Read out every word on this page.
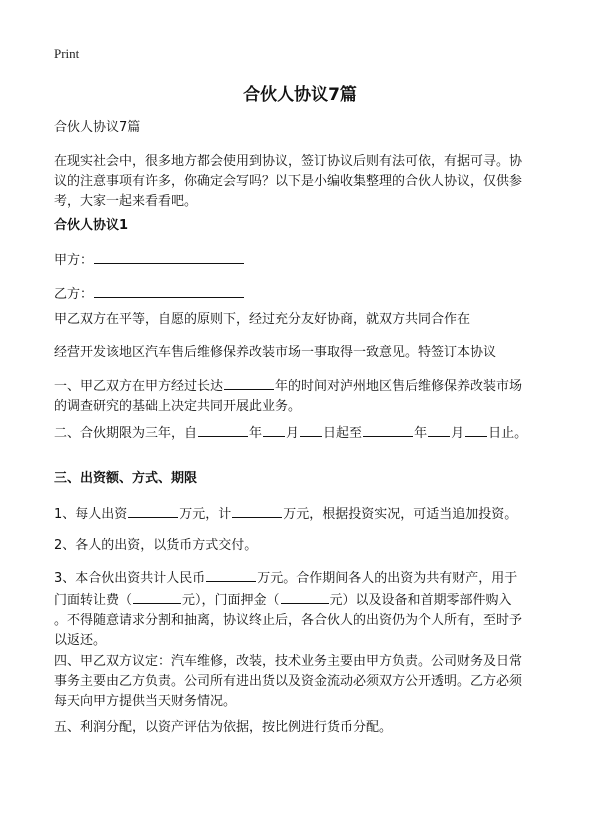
Print
合伙人协议7篇
合伙人协议7篇
在现实社会中，很多地方都会使用到协议，签订协议后则有法可依，有据可寻。协
议的注意事项有许多，你确定会写吗？以下是小编收集整理的合伙人协议，仅供参
考，大家一起来看看吧。
合伙人协议1
甲方：
乙方：
甲乙双方在平等，自愿的原则下，经过充分友好协商，就双方共同合作在
经营开发该地区汽车售后维修保养改装市场一事取得一致意见。特签订本协议
一、甲乙双方在甲方经过长达	年的时间对泸州地区售后维修保养改装市场
的调查研究的基础上决定共同开展此业务。
二、合伙期限为三年，自	年 月 日起至	年 月 日止。
三、出资额、方式、期限
1、每人出资	万元，计	万元，根据投资实况，可适当追加投资。
2、各人的出资，以货币方式交付。
3、本合伙出资共计人民币	万元。合作期间各人的出资为共有财产，用于
门面转让费（	元），门面押金（	元）以及设备和首期零部件购入
。不得随意请求分割和抽离，协议终止后，各合伙人的出资仍为个人所有，至时予
以返还。
四、甲乙双方议定：汽车维修，改装，技术业务主要由甲方负责。公司财务及日常
事务主要由乙方负责。公司所有进出货以及资金流动必须双方公开透明。乙方必须
每天向甲方提供当天财务情况。
五、利润分配，以资产评估为依据，按比例进行货币分配。
